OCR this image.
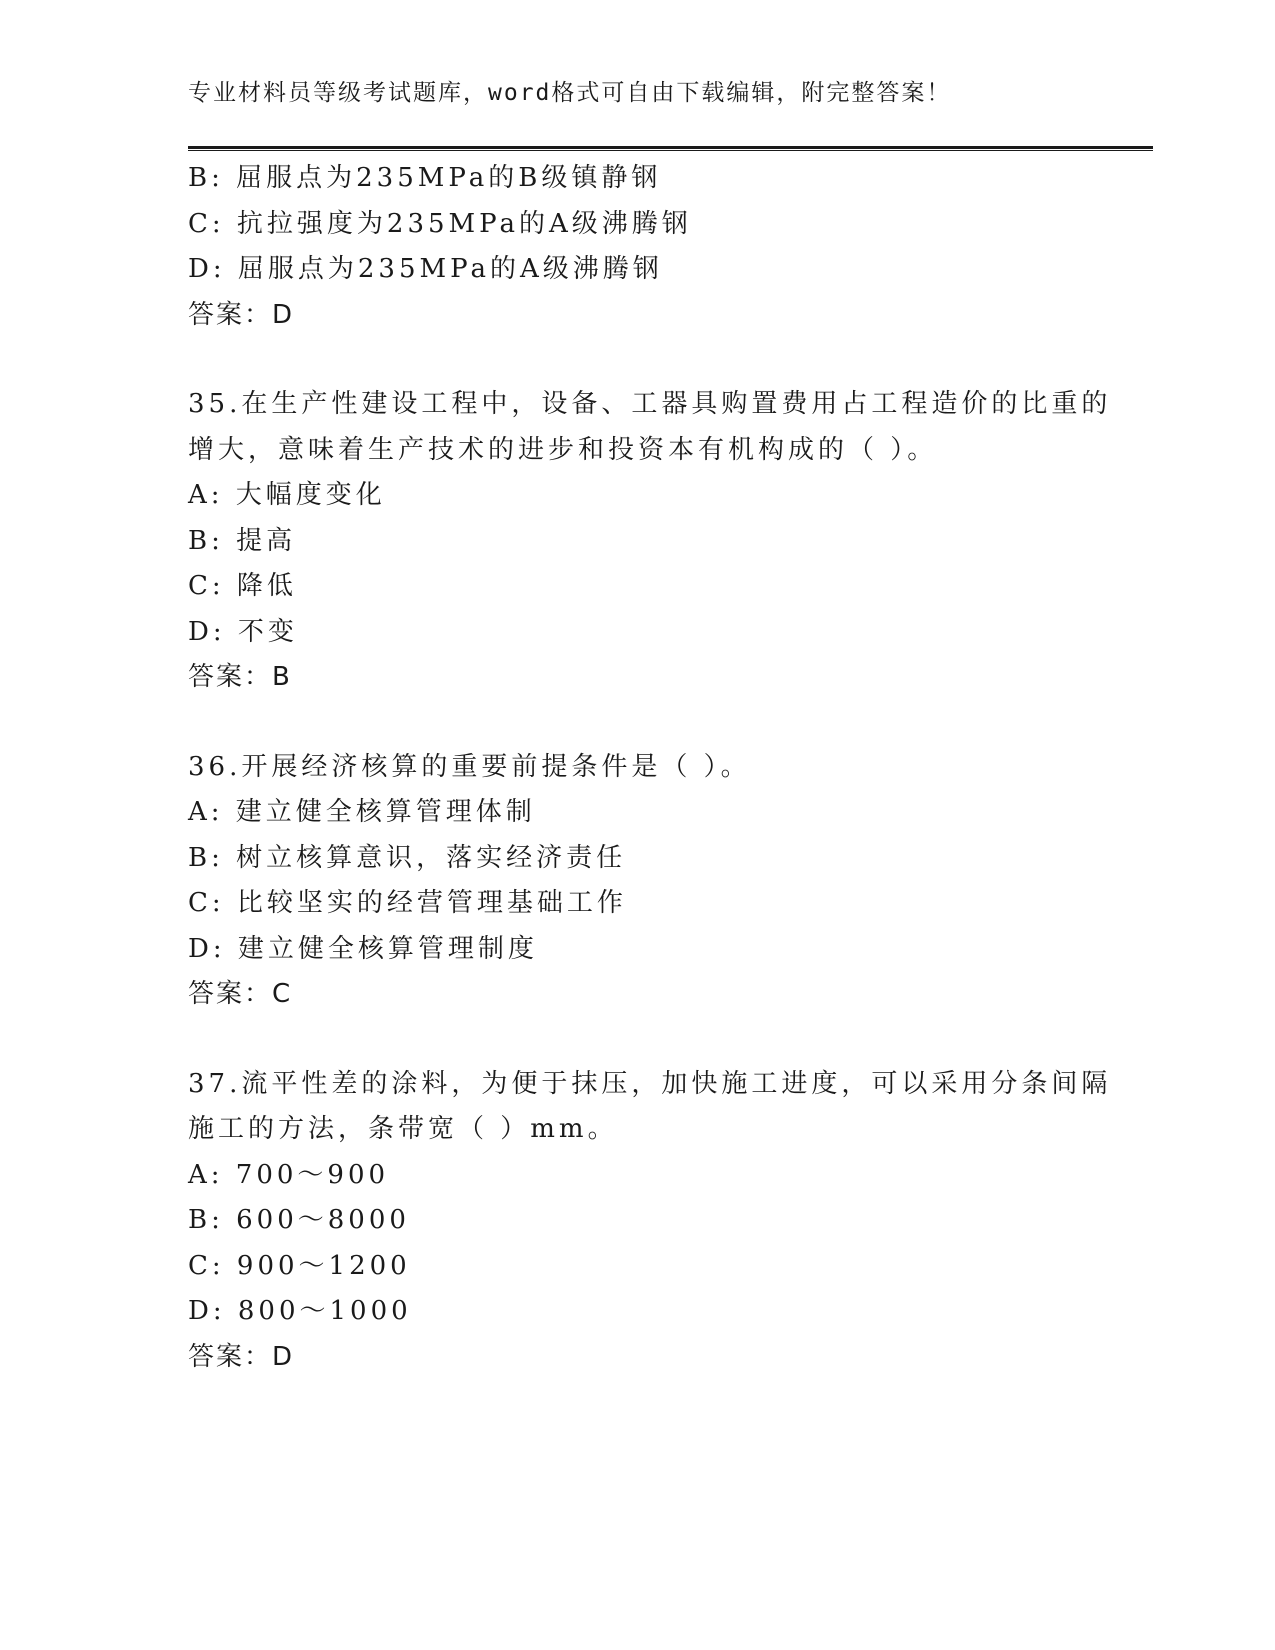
专业材料员等级考试题库，word格式可自由下载编辑，附完整答案！
B: 屈服点为235MPa的B级镇静钢
C: 抗拉强度为235MPa的A级沸腾钢
D: 屈服点为235MPa的A级沸腾钢
答案：D
35.在生产性建设工程中，设备、工器具购置费用占工程造价的比重的
增大，意味着生产技术的进步和投资本有机构成的（ ）。
A: 大幅度变化
B: 提高
C: 降低
D: 不变
答案：B
36.开展经济核算的重要前提条件是（ ）。
A: 建立健全核算管理体制
B: 树立核算意识，落实经济责任
C: 比较坚实的经营管理基础工作
D: 建立健全核算管理制度
答案：C
37.流平性差的涂料，为便于抹压，加快施工进度，可以采用分条间隔
施工的方法，条带宽（ ）mm。
A: 700～900
B: 600～8000
C: 900～1200
D: 800～1000
答案：D
